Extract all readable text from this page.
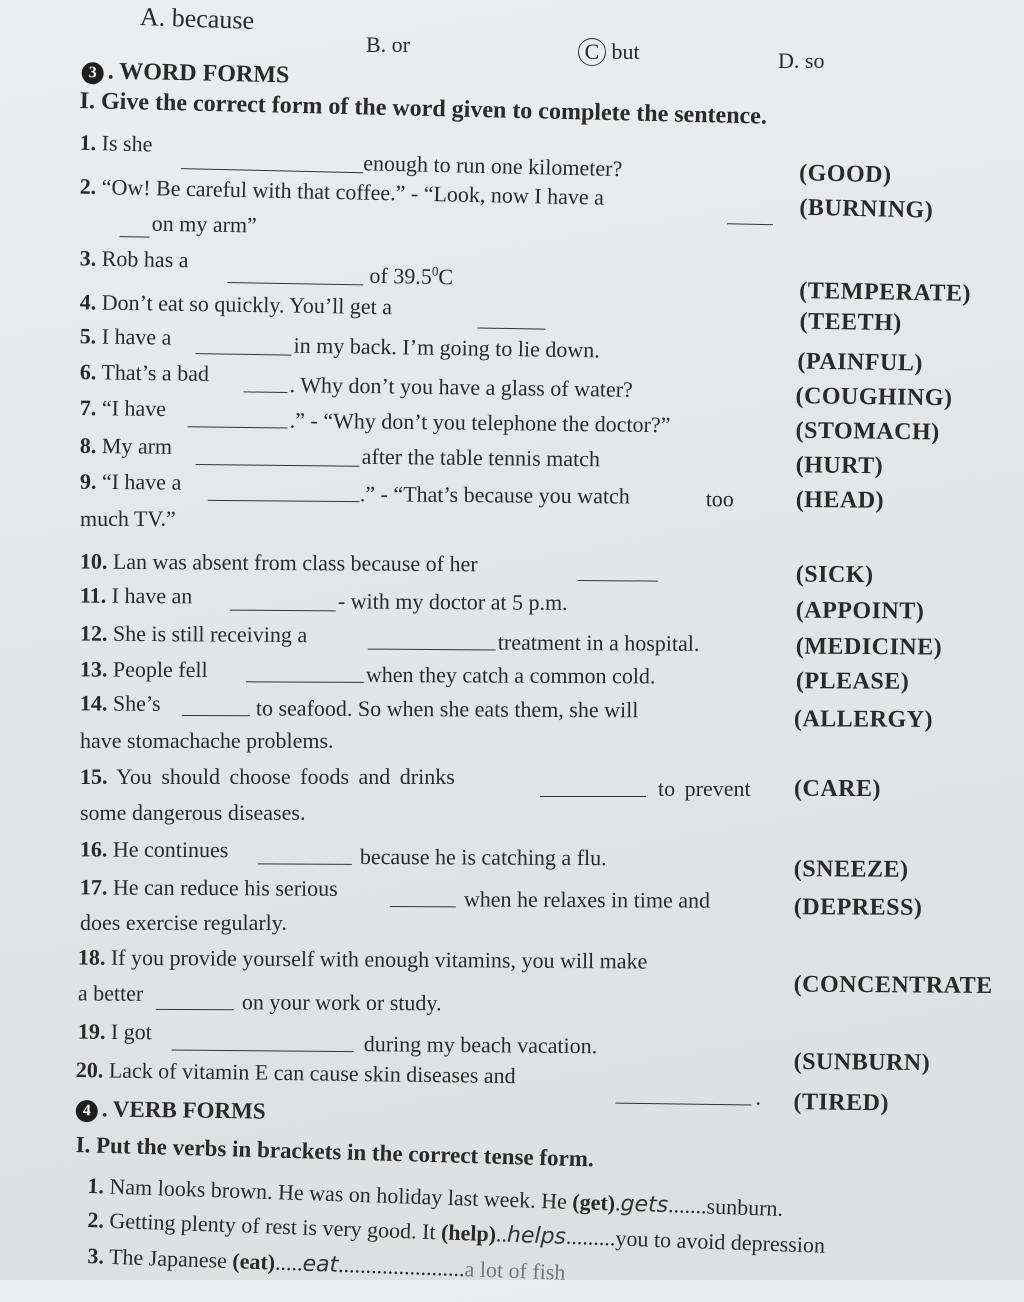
A. because
B. or	C but	D. so
3 . WORD FORMS
I. Give the correct form of the word given to complete the sentence.
1. Is she
enough to run one kilometer?	(GOOD)
2. “Ow! Be careful with that coffee.” - “Look, now I have a	(BURNING)
on my arm”
3. Rob has a
of 39.5$^0$C
(TEMPERATE)
4. Don’t eat so quickly. You’ll get a
(TEETH)
5. I have a	in my back. I’m going to lie down.
(PAINFUL)
6. That’s a bad	. Why don’t you have a glass of water?	(COUGHING)
7. “I have	.” - “Why don’t you telephone the doctor?”	(STOMACH)
8. My arm	after the table tennis match	(HURT)
9. “I have a	.” - “That’s because you watch	too	(HEAD)
much TV.”
10. Lan was absent from class because of her	(SICK)
11. I have an	- with my doctor at 5 p.m.	(APPOINT)
12. She is still receiving a	treatment in a hospital.	(MEDICINE)
13. People fell	when they catch a common cold.	(PLEASE)
14. She’s	to seafood. So when she eats them, she will	(ALLERGY)
have stomachache problems.
15. You should choose foods and drinks	to prevent (CARE)
some dangerous diseases.
16. He continues	because he is catching a flu.	(SNEEZE)
17. He can reduce his serious	when he relaxes in time and	(DEPRESS)
does exercise regularly.
18. If you provide yourself with enough vitamins, you will make
(CONCENTRATE
a better	on your work or study.
19. I got	during my beach vacation.
(SUNBURN)
20. Lack of vitamin E can cause skin diseases and
. (TIRED)
4 . VERB FORMS
I. Put the verbs in brackets in the correct tense form.
1. Nam looks brown. He was on holiday last week. He (get).gets.......sunburn.
2. Getting plenty of rest is very good. It (help)..helps.........you to avoid depression
3. The Japanese (eat).....eat.......................a lot of fish
